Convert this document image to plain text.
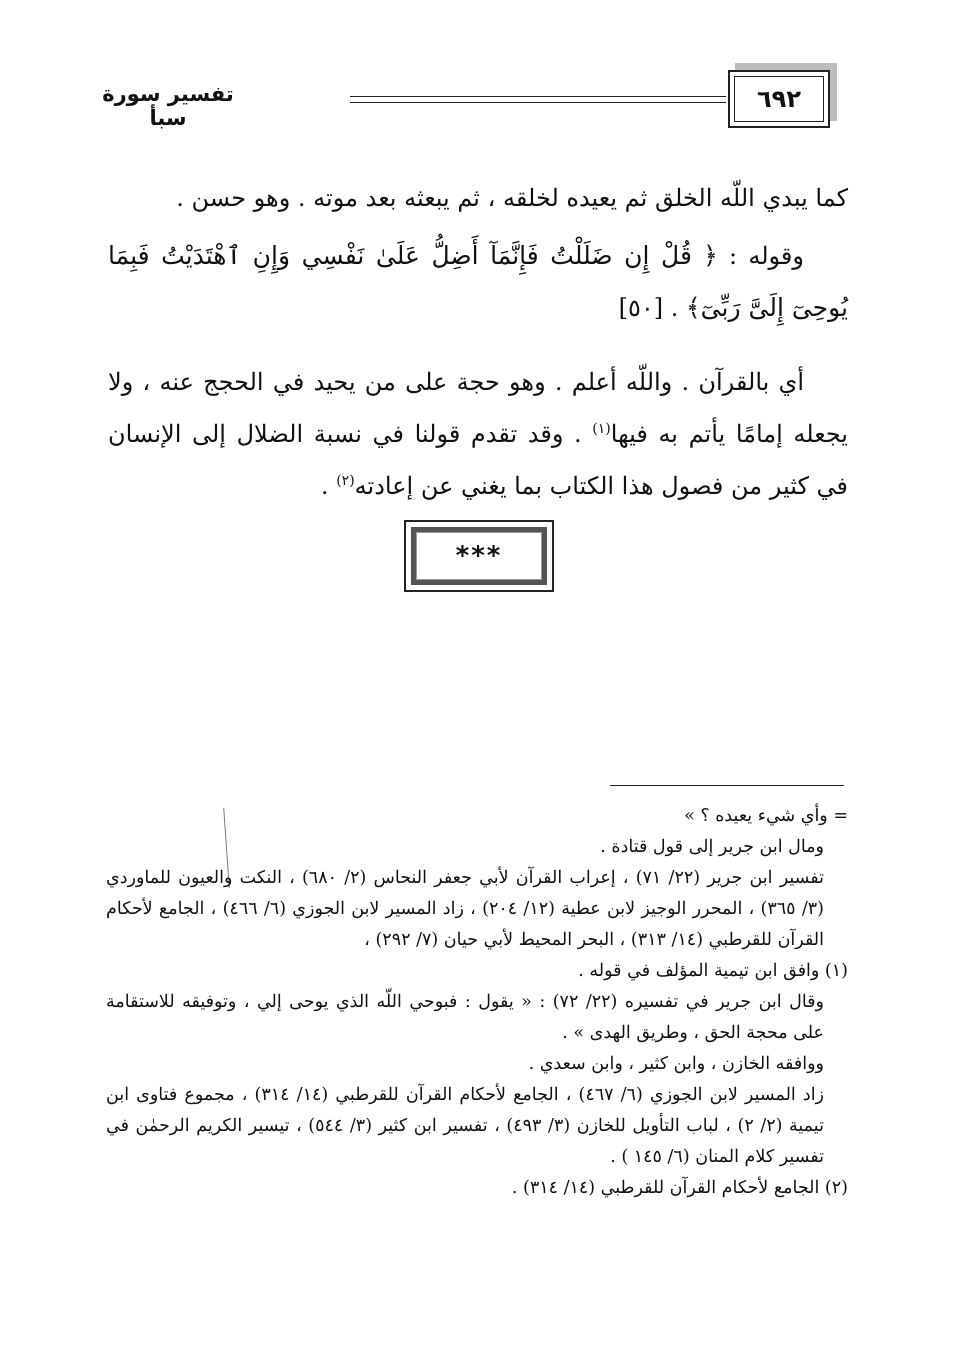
٦٩٢
تفسير سورة سبأ

كما يبدي اللّه الخلق ثم يعيده لخلقه ، ثم يبعثه بعد موته . وهو حسن .

وقوله : ﴿ قُلْ إِن ضَلَلْتُ فَإِنَّمَآ أَضِلُّ عَلَىٰ نَفْسِي وَإِنِ ٱهْتَدَيْتُ فَبِمَا يُوحِىٓ إِلَىَّ رَبِّىٓ﴾ . [٥٠]

أي بالقرآن . واللّه أعلم . وهو حجة على من يحيد في الحجج عنه ، ولا يجعله إمامًا يأتم به فيها$^{(١)}$ . وقد تقدم قولنا في نسبة الضلال إلى الإنسان في كثير من فصول هذا الكتاب بما يغني عن إعادته$^{(٢)}$ .

***

= وأي شيء يعيده ؟ »

ومال ابن جرير إلى قول قتادة .

تفسير ابن جرير (٢٢/ ٧١) ، إعراب القرآن لأبي جعفر النحاس (٢/ ٦٨٠) ، النكت والعيون للماوردي (٣/ ٣٦٥) ، المحرر الوجيز لابن عطية (١٢/ ٢٠٤) ، زاد المسير لابن الجوزي (٦/ ٤٦٦) ، الجامع لأحكام القرآن للقرطبي (١٤/ ٣١٣) ، البحر المحيط لأبي حيان (٧/ ٢٩٢) ،

(١) وافق ابن تيمية المؤلف في قوله .

وقال ابن جرير في تفسيره (٢٢/ ٧٢) : « يقول : فبوحي اللّه الذي يوحى إلي ، وتوفيقه للاستقامة على محجة الحق ، وطريق الهدى » .

ووافقه الخازن ، وابن كثير ، وابن سعدي .

زاد المسير لابن الجوزي (٦/ ٤٦٧) ، الجامع لأحكام القرآن للقرطبي (١٤/ ٣١٤) ، مجموع فتاوى ابن تيمية (٢/ ٢) ، لباب التأويل للخازن (٣/ ٤٩٣) ، تفسير ابن كثير (٣/ ٥٤٤) ، تيسير الكريم الرحمٰن في تفسير كلام المنان (٦/ ١٤٥ ) .

(٢) الجامع لأحكام القرآن للقرطبي (١٤/ ٣١٤) .
